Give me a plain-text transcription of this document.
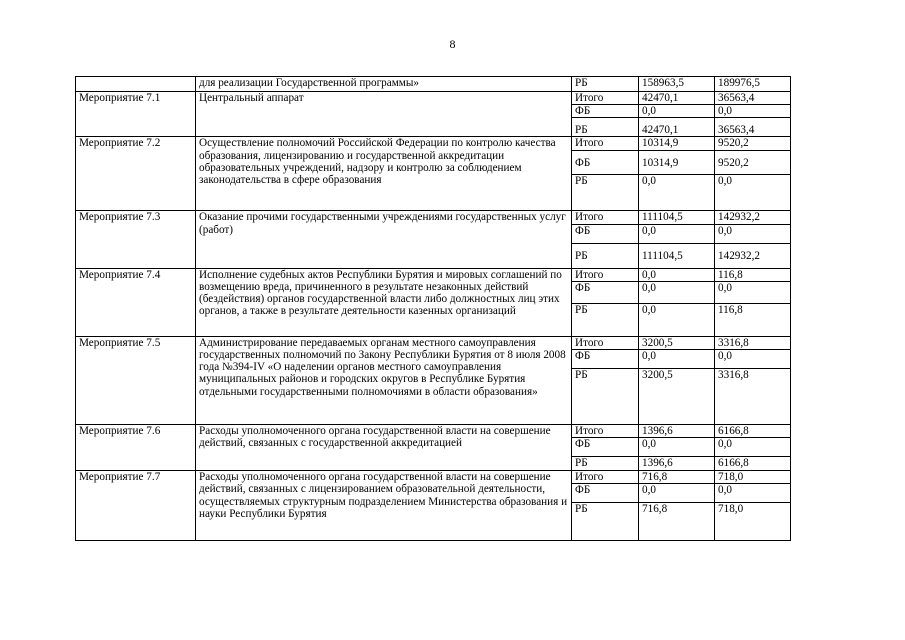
8
	для реализации Государственной программы»	РБ	158963,5	189976,5
Мероприятие 7.1	Центральный аппарат	Итого	42470,1	36563,4
		ФБ	0,0	0,0
		РБ	42470,1	36563,4
Мероприятие 7.2	Осуществление полномочий Российской Федерации по контролю качества образования, лицензированию и государственной аккредитации образовательных учреждений, надзору и контролю за соблюдением законодательства в сфере образования	Итого	10314,9	9520,2
		ФБ	10314,9	9520,2
		РБ	0,0	0,0
Мероприятие 7.3	Оказание прочими государственными учреждениями государственных услуг (работ)	Итого	111104,5	142932,2
		ФБ	0,0	0,0
		РБ	111104,5	142932,2
Мероприятие 7.4	Исполнение судебных актов Республики Бурятия и мировых соглашений по возмещению вреда, причиненного в результате незаконных действий (бездействия) органов государственной власти либо должностных лиц этих органов, а также в результате деятельности казенных организаций	Итого	0,0	116,8
		ФБ	0,0	0,0
		РБ	0,0	116,8
Мероприятие 7.5	Администрирование передаваемых органам местного самоуправления государственных полномочий по Закону Республики Бурятия от 8 июля 2008 года №394-IV «О наделении органов местного самоуправления муниципальных районов и городских округов в Республике Бурятия отдельными государственными полномочиями в области образования»	Итого	3200,5	3316,8
		ФБ	0,0	0,0
		РБ	3200,5	3316,8
Мероприятие 7.6	Расходы уполномоченного органа государственной власти на совершение действий, связанных с государственной аккредитацией	Итого	1396,6	6166,8
		ФБ	0,0	0,0
		РБ	1396,6	6166,8
Мероприятие 7.7	Расходы уполномоченного органа государственной власти на совершение действий, связанных с лицензированием образовательной деятельности, осуществляемых структурным подразделением Министерства образования и науки Республики Бурятия	Итого	716,8	718,0
		ФБ	0,0	0,0
		РБ	716,8	718,0
